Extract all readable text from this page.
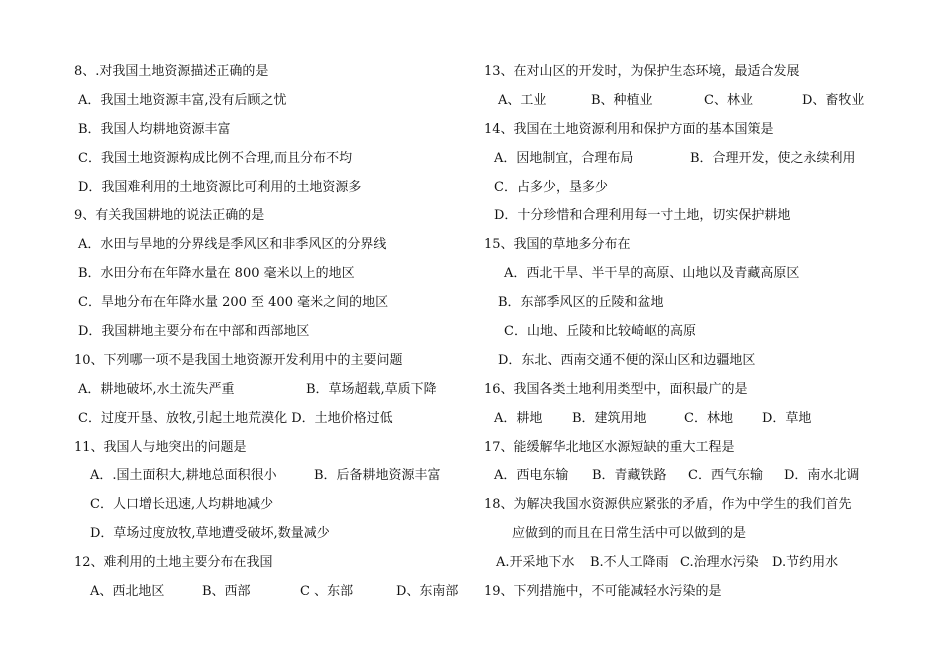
8、.对我国土地资源描述正确的是
A．我国土地资源丰富,没有后顾之忧
B．我国人均耕地资源丰富
C．我国土地资源构成比例不合理,而且分布不均
D．我国难利用的土地资源比可利用的土地资源多
9、有关我国耕地的说法正确的是
A．水田与旱地的分界线是季风区和非季风区的分界线
B．水田分布在年降水量在 800 毫米以上的地区
C．旱地分布在年降水量 200 至 400 毫米之间的地区
D．我国耕地主要分布在中部和西部地区
10、下列哪一项不是我国土地资源开发利用中的主要问题
A．耕地破坏,水土流失严重	B．草场超载,草质下降
C．过度开垦、放牧,引起土地荒漠化 D．土地价格过低
11、我国人与地突出的问题是
A．.国土面积大,耕地总面积很小	B．后备耕地资源丰富
C．人口增长迅速,人均耕地减少
D．草场过度放牧,草地遭受破坏,数量减少
12、难利用的土地主要分布在我国
A、西北地区	B、西部	C 、东部	D、东南部
13、在对山区的开发时，为保护生态环境，最适合发展
A、工业	B、种植业	C、林业	D、畜牧业
14、我国在土地资源利用和保护方面的基本国策是
A．因地制宜，合理布局	B．合理开发，使之永续利用
C．占多少，垦多少
D．十分珍惜和合理利用每一寸土地，切实保护耕地
15、我国的草地多分布在
A．西北干旱、半干旱的高原、山地以及青藏高原区
B．东部季风区的丘陵和盆地
C．山地、丘陵和比较崎岖的高原
D．东北、西南交通不便的深山区和边疆地区
16、我国各类土地利用类型中，面积最广的是
A．耕地 B．建筑用地	C．林地 D．草地
17、能缓解华北地区水源短缺的重大工程是
A．西电东输 B．青藏铁路 C．西气东输 D．南水北调
18、为解决我国水资源供应紧张的矛盾，作为中学生的我们首先
应做到的而且在日常生活中可以做到的是
A.开采地下水 B.不人工降雨 C.治理水污染 D.节约用水
19、下列措施中，不可能减轻水污染的是
